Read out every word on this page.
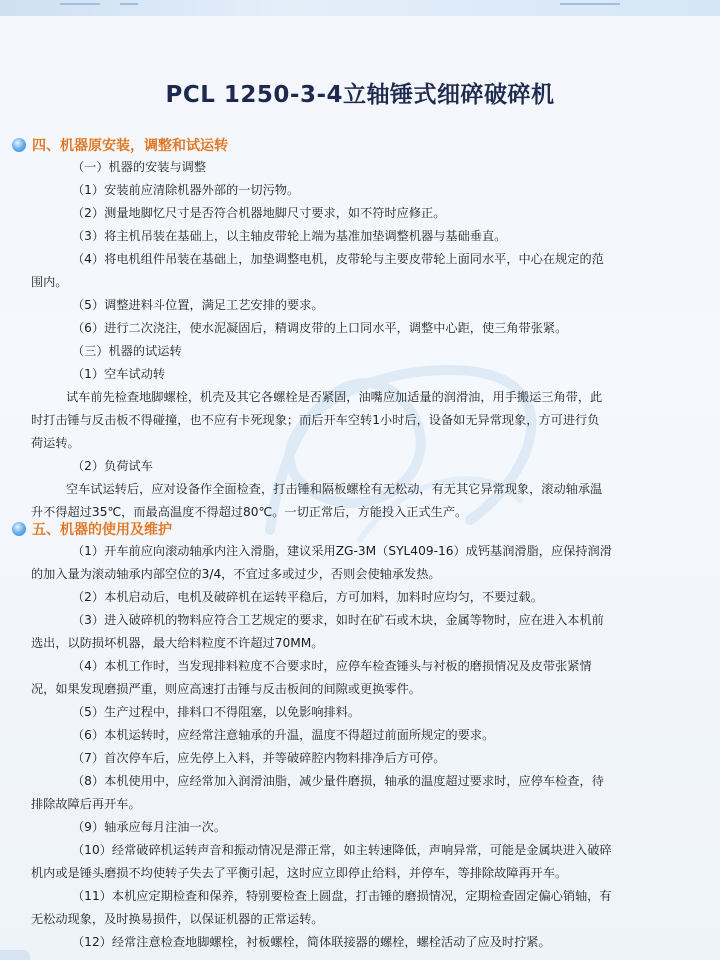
PCL 1250-3-4立轴锤式细碎破碎机
四、机器原安装，调整和试运转
（一）机器的安装与调整
（1）安装前应清除机器外部的一切污物。
（2）测量地脚忆尺寸是否符合机器地脚尺寸要求，如不符时应修正。
（3）将主机吊装在基础上，以主轴皮带轮上端为基准加垫调整机器与基础垂直。
（4）将电机组件吊装在基础上，加垫调整电机，皮带轮与主要皮带轮上面同水平，中心在规定的范
围内。
（5）调整进料斗位置，满足工艺安排的要求。
（6）进行二次浇注，使水泥凝固后，精调皮带的上口同水平，调整中心距，使三角带张紧。
（三）机器的试运转
（1）空车试动转
试车前先检查地脚螺栓，机壳及其它各螺栓是否紧固，油嘴应加适量的润滑油，用手搬运三角带，此
时打击锤与反击板不得碰撞，也不应有卡死现象；而后开车空转1小时后，设备如无异常现象，方可进行负
荷运转。
（2）负荷试车
空车试运转后，应对设备作全面检查，打击锤和隔板螺栓有无松动，有无其它异常现象，滚动轴承温
升不得超过35℃，而最高温度不得超过80℃。一切正常后，方能投入正式生产。
五、机器的使用及维护
（1）开车前应向滚动轴承内注入滑脂，建议采用ZG-3M（SYL409-16）成钙基润滑脂，应保持润滑
的加入量为滚动轴承内部空位的3/4，不宜过多或过少，否则会使轴承发热。
（2）本机启动后，电机及破碎机在运转平稳后，方可加料，加料时应均匀，不要过载。
（3）进入破碎机的物料应符合工艺规定的要求，如时在矿石或木块，金属等物时，应在进入本机前
选出，以防损坏机器，最大给料粒度不许超过70MM。
（4）本机工作时，当发现排料粒度不合要求时，应停车检查锤头与衬板的磨损情况及皮带张紧情
况，如果发现磨损严重，则应高速打击锤与反击板间的间隙或更换零件。
（5）生产过程中，排料口不得阻塞，以免影响排料。
（6）本机运转时，应经常注意轴承的升温，温度不得超过前面所规定的要求。
（7）首次停车后，应先停上入料，并等破碎腔内物料排净后方可停。
（8）本机使用中，应经常加入润滑油脂，减少量件磨损，轴承的温度超过要求时，应停车检查，待
排除故障后再开车。
（9）轴承应每月注油一次。
（10）经常破碎机运转声音和振动情况是滞正常，如主转速降低，声响异常，可能是金属块进入破碎
机内或是锤头磨损不均使转子失去了平衡引起，这时应立即停止给料，并停车，等排除故障再开车。
（11）本机应定期检查和保养，特别要检查上圆盘，打击锤的磨损情况，定期检查固定偏心销轴，有
无松动现象，及时换易损件，以保证机器的正常运转。
（12）经常注意检查地脚螺栓，衬板螺栓，简体联接器的螺栓，螺栓活动了应及时拧紧。
